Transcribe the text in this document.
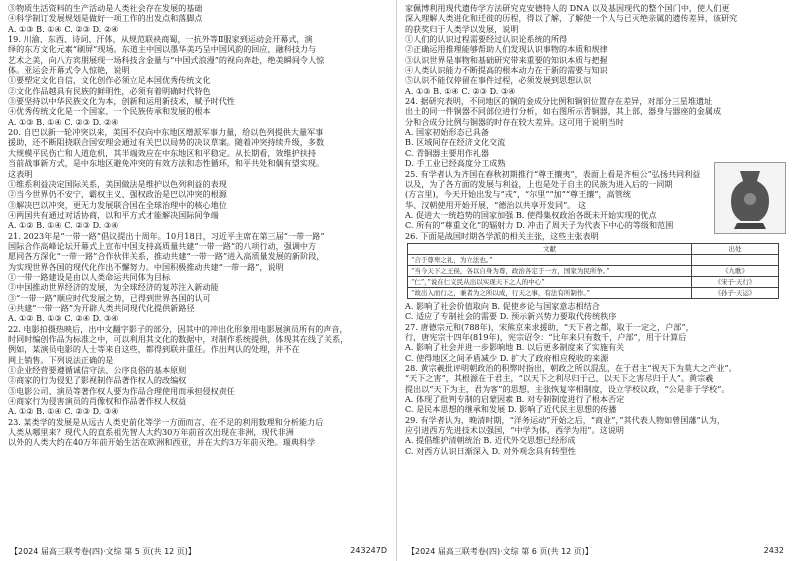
③物质生活资料的生产活动是人类社会存在发展的基础
④科学制订发展规划是做好一项工作的出发点和落脚点
A. ①③ B. ①④ C. ②③ D. ②④
19. 川渝、东西、诗词、汗体，从规范联袂商蜀，一抗外等Ⅱ服家到运动会开幕式，演
绎的东方文化元素“刷屏”现场。东道主中国以墨华美巧呈中国风韵的回应，融科技力与
艺术之美，向八方宾朋展现一场科技含金量与“中国式浪漫”的视向奔赴，绝美瞬间令人惊
体。亚运会开幕式令人惊艳，说明
①要塑定文化自信，文化创作必须立足本国优秀传统文化
②文化作品越具有民族的鲜明性，必须有着明确时代特色
③要坚持以中华民族文化为本，创新和运用新技术，赋予时代性
④优秀传统文化是一个国家、一个民族传承和发展的根本
A. ①③ B. ①④ C. ②③ D. ②④
20. 自巴以新一轮冲突以来，美国不仅向中东地区增派军事力量，给以色列提供大量军事
援助，还不断阻挠联合国安理会通过有关巴以局势的决议草案。随着冲突持续升级，多数
大规模平民伤亡和人道危机，其半端效应在中东地区和平稳定。从长期看，效维护扶持
当前战事新方式，是中东地区避免冲突的有效方法和态性循环，和平共处和偶有望实现。
这表明
①维系利益决定国际关系，美国做法是维护以色列利益的表现
②当今世界仍不安宁，霸权主义、强权政治是巴以冲突的根源
③解决巴以冲突，更无力发展联合国在全球治理中的核心地位
④两国共有通过对话协商，以和平方式才能解决国际间争端
A. ①② B. ①④ C. ②③ D. ③④
21. 2023年是“一带一路”倡议提出十周年。10月18日，习近平主席在第三届“一带一路”
国际合作高峰论坛开幕式上宣布中国支持高质量共建“一带一路”的八项行动，强调中方
愿同各方深化“一带一路”合作伙伴关系，推动共建“一带一路”进入高质量发展的新阶段，
为实现世界各国的现代化作出不懈努力。中国积极推动共建“一带一路”，说明
①一带一路建设是由以人类命运共同体为目标
②中国推动世界经济的发展，为全球经济的复苏注入新动能
③“一带一路”顺应时代发展之势，已得到世界各国的认可
④共建“一带一路”为开辟人类共同现代化提供新路径
A. ①② B. ①③ C. ②④ D. ③④
22. 电影拍摄热映后，出中文翻字影子的部分，因其中的冲出化形象用电影展演员所有的声音，
时同时编创作品为标准之中，可以利用其文化的数据中，对制作系统提供，体现其在线了关系，
例如，某演员电影的人士等来自这些，都得到联并重任。作出判认的处理，并不在
网上销售。下列说法正确的是
①企业经营要遵循诚信守法、公序良俗的基本原则
②商家的行为侵犯了影视制作品著作权人的改编权
③电影公司、演员等著作权人要为作品合理使用而承担侵权责任
④商家行为侵害演员的肖像权和作品著作权人权益
A. ①② B. ①④ C. ②③ D. ③④
23. 某类学的发展是从远古人类史前化等学一方面而言，在不足的利用数理和分析能力后
人类从哪里来？现代人的直系祖先智人大约30万年前首次出现在非洲，现代非洲
以外的人类大约在40万年前开始生活在欧洲和西亚，并在大约3万年前灭绝。瑞典科学
【2024 届高三联考卷(四)·文综 第 5 页(共 12 页)】	243247D
家佩博利用现代遗传学方法研究克安德特人的 DNA 以及基因现代的整个国门中，使人们更
深入理解人类进化和迁徙的历程，得以了解，了解使一个人与已灭绝亲属的遗传差异，该研究
的获奖归于人类学以发展，说明
①人们的认识过程需要经过认识论系统的所得
②正确运用推理能够帮助人们发现认识事物的本质和规律
③认识世界是事物和基础研究带来重要的知识本质与把握
④人类认识能力不断提高的根本动力在于新的需要与知识
⑤认识不能仅停留在事件过程，必须发展到思想认识
A. ①③ B. ①④ C. ②③ D. ③④
24. 据研究表明，不同地区的铜的金成分比例和铜钥位置存在差异，对部分三星堆遗址
出土的同一件铜器不同部位进行分析，如右图所示青铜器，其上部，器身与器座的金属成
分和合成分比例与铜器的时存在较大差异。这可用于说明当时
A. 国家初始形态已具备
B. 区域间存在经济文化交流
C. 青铜器主要用作礼器
D. 手工业已经高度分工成熟
25. 有学者认为齐国在春秋初期推行“尊王攘夷”，表面上看是齐桓公”弘扬共同利益
以及，为了各方面的发展与利益，上也是处于自主的民族为进入后的一同期
(方言里)，今天开始出发与“戎”，“尔里”“加”“尊王攘”，高管统
华、汉朝使用开始开展，“德治以共享开发同”。 这
A. 促进大一统趋势的国家加强 B. 使得集权政治各既未开始实现的优点
C. 所有的“尊重文化”的辐射力 D. 冲击了周天子为代表下中心的等级和范围
26. 下面是战国时期各学派的相关主张，这些主张表明
文献	出处
“合于尊卑之礼，为立法也。”	
“当今天下之王侯，各以自身为尊，政治各定于一方，国家为民所争。”	《九歌》
“仁”，”说在仁义民从出以实现天下之人的中心”	《宋子·天行》
“故出入而行之，兼者为之所以成，行天之事，有法有所制作。”	《孙子·天运》
A. 影响了社会价值取向 B. 促使乡论与国家意志相结合
C. 适应了专制社会的需要 D. 预示新兴势力要取代传统秩序
27. 唐德宗元和(788年)，宋熊京来求援助，“天下者之都，取于一定之，户部”，
行，唐宪宗十四年(819年)，宪宗诏令：“比年来只有数千，户部”，用于计算后
A. 影响了社会并进一步影响地 B. 以后更多制度来了实施有关
C. 使得地区之间矛盾减少 D. 扩大了政府相应税收的来源
28. 黄宗羲批评明朝政治的积弊时指出，朝政之所以混乱，在于君主“视天下为莫大之产业”。
“天下之害”，其根源在于君主，“以天下之利尽归于己，以天下之害尽归于人”。黄宗羲
提出以“天下为主，君为客”的思想，主张恢复宰相制度，设立学校议政，“公是非于学校”。
A. 体现了批判专制的启蒙因素 B. 对专制制度进行了根本否定
C. 是民本思想的继承和发展 D. 影响了近代民主思想的传播
29. 有学者认为，晚清时期，“洋务运动”开始之后，“商业”，”其代表人物如曾国藩”认为，
应引进西方先进技术以强国，“中学为体，西学为用”。这说明
A. 提倡维护清朝统治 B. 近代外交思想已经形成
C. 对西方认识日渐深入 D. 对外观念具有转型性
【2024 届高三联考卷(四)·文综 第 6 页(共 12 页)】	2432
